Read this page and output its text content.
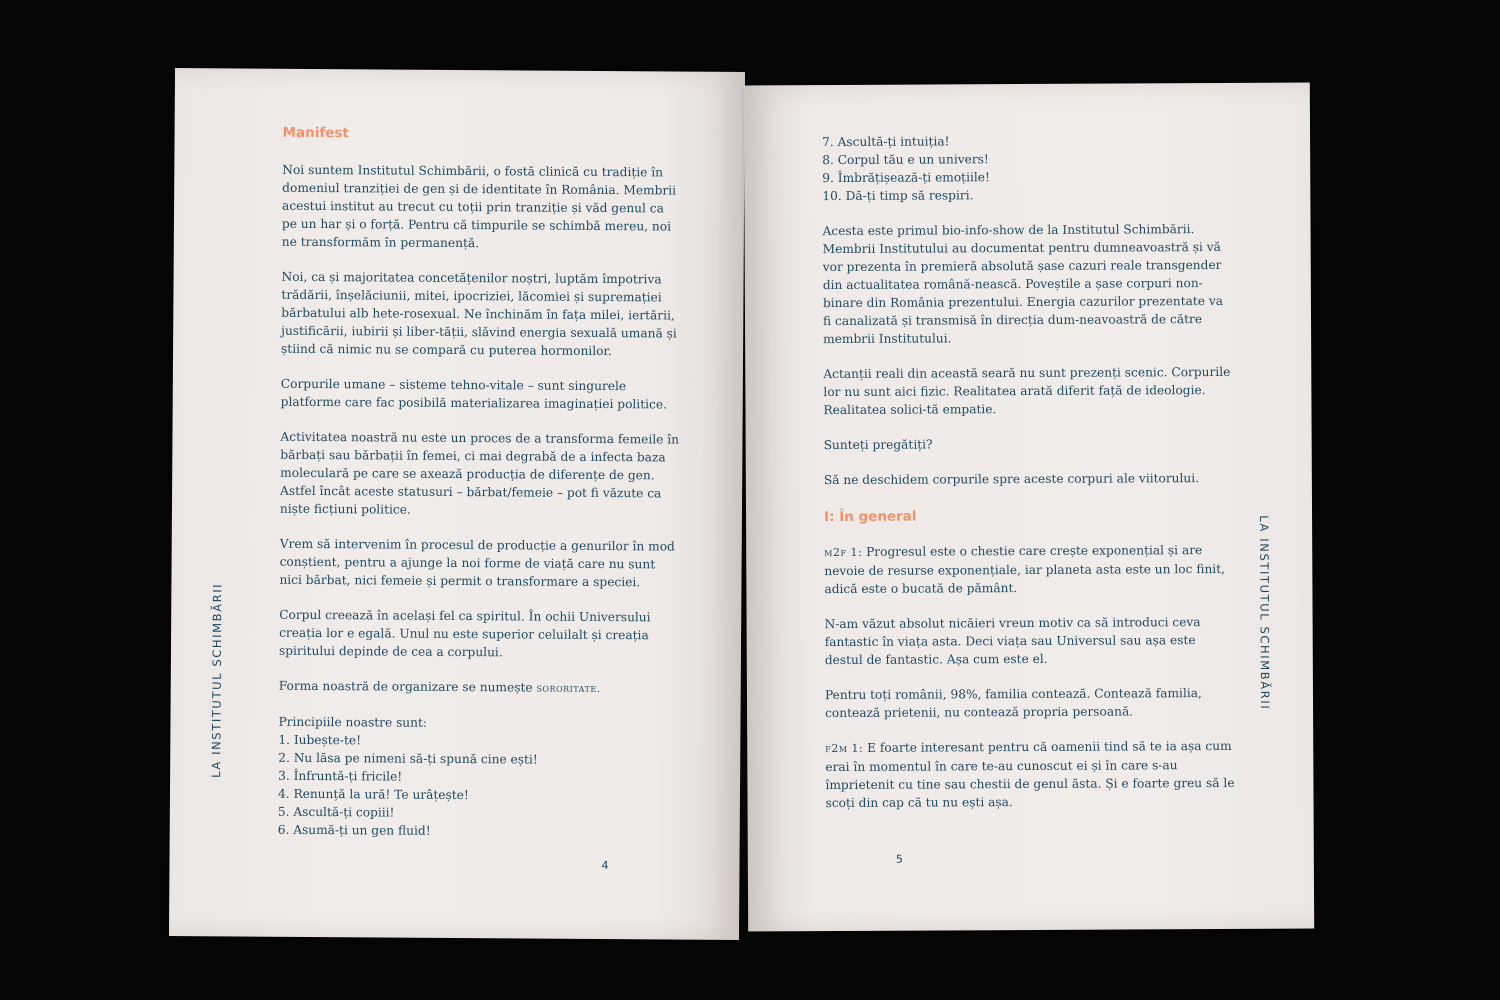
Manifest

Noi suntem Institutul Schimbării, o fostă clinică cu tradiție în domeniul tranziției de gen și de identitate în România. Membrii acestui institut au trecut cu toții prin tranziție și văd genul ca pe un har și o forță. Pentru că timpurile se schimbă mereu, noi ne transformăm în permanență.

Noi, ca și majoritatea concetățenilor noștri, luptăm împotriva trădării, înșelăciunii, mitei, ipocriziei, lăcomiei și supremației bărbatului alb hete-rosexual. Ne închinăm în fața milei, iertării, justificării, iubirii și liber-tății, slăvind energia sexuală umană și știind că nimic nu se compară cu puterea hormonilor.

Corpurile umane – sisteme tehno-vitale – sunt singurele platforme care fac posibilă materializarea imaginației politice.

Activitatea noastră nu este un proces de a transforma femeile în bărbați sau bărbații în femei, ci mai degrabă de a infecta baza moleculară pe care se axează producția de diferențe de gen. Astfel încât aceste statusuri – bărbat/femeie – pot fi văzute ca niște ficțiuni politice.

Vrem să intervenim în procesul de producție a genurilor în mod conștient, pentru a ajunge la noi forme de viață care nu sunt nici bărbat, nici femeie și permit o transformare a speciei.

Corpul creează în același fel ca spiritul. În ochii Universului creația lor e egală. Unul nu este superior celuilalt și creația spiritului depinde de cea a corpului.

Forma noastră de organizare se numește sororitate.

Principiile noastre sunt:
1. Iubește-te!
2. Nu lăsa pe nimeni să-ți spună cine ești!
3. Înfruntă-ți fricile!
4. Renunță la ură! Te urâțește!
5. Ascultă-ți copiii!
6. Asumă-ți un gen fluid!
LA INSTITUTUL SCHIMBĂRII
4
7. Ascultă-ți intuiția!
8. Corpul tău e un univers!
9. Îmbrățișează-ți emoțiile!
10. Dă-ți timp să respiri.

Acesta este primul bio-info-show de la Institutul Schimbării. Membrii Institutului au documentat pentru dumneavoastră și vă vor prezenta în premieră absolută șase cazuri reale transgender din actualitatea română-nească. Poveștile a șase corpuri non-binare din România prezentului. Energia cazurilor prezentate va fi canalizată și transmisă în direcția dum-neavoastră de către membrii Institutului.

Actanții reali din această seară nu sunt prezenți scenic. Corpurile lor nu sunt aici fizic. Realitatea arată diferit față de ideologie. Realitatea solici-tă empatie.

Sunteți pregătiți?

Să ne deschidem corpurile spre aceste corpuri ale viitorului.

I: În general

m2f 1: Progresul este o chestie care crește exponențial și are nevoie de resurse exponențiale, iar planeta asta este un loc finit, adică este o bucată de pământ.

N-am văzut absolut nicăieri vreun motiv ca să introduci ceva fantastic în viața asta. Deci viața sau Universul sau așa este destul de fantastic. Așa cum este el.

Pentru toți românii, 98%, familia contează. Contează familia, contează prietenii, nu contează propria persoană.

f2m 1: E foarte interesant pentru că oamenii tind să te ia așa cum erai în momentul în care te-au cunoscut ei și în care s-au împrietenit cu tine sau chestii de genul ăsta. Și e foarte greu să le scoți din cap că tu nu ești așa.

LA INSTITUTUL SCHIMBĂRII
5
